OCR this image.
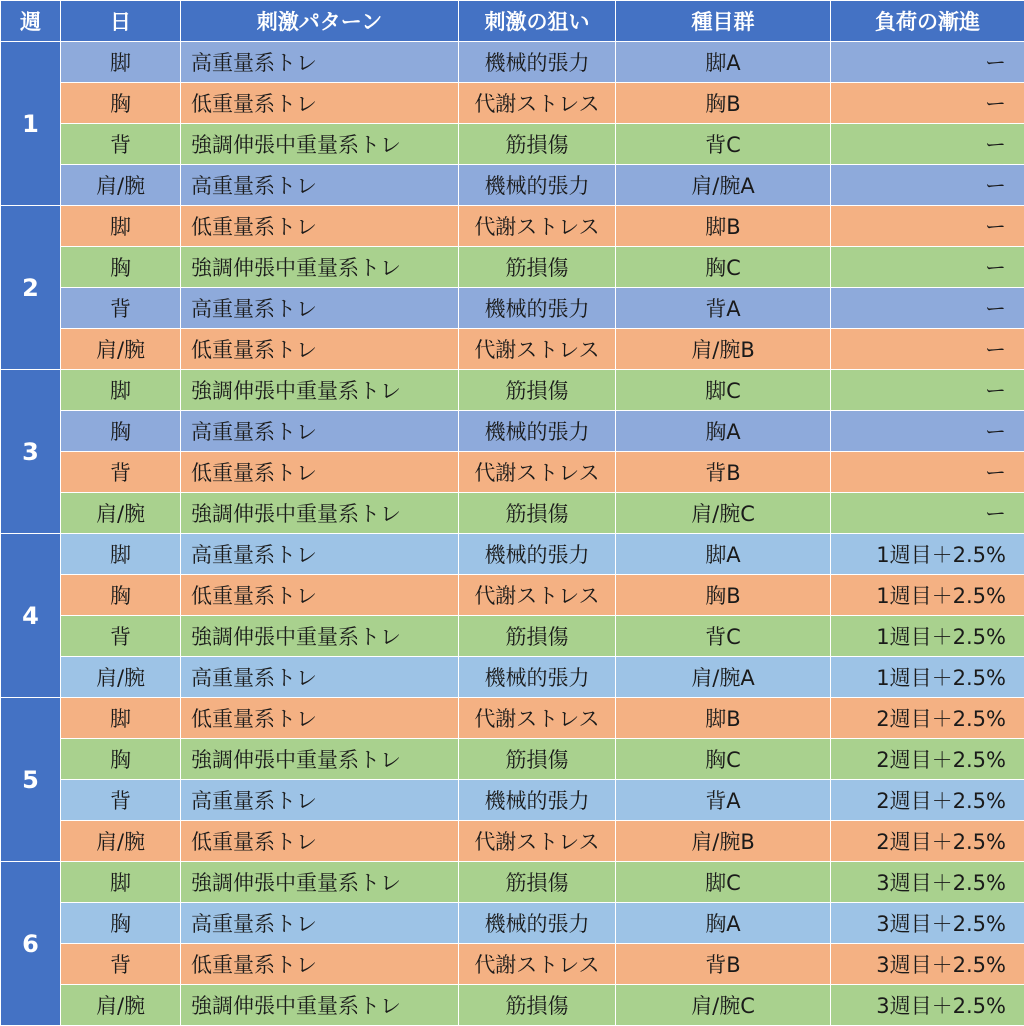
週	日	刺激パターン	刺激の狙い	種目群	負荷の漸進
1	脚	高重量系トレ	機械的張力	脚A	ー
	胸	低重量系トレ	代謝ストレス	胸B	ー
	背	強調伸張中重量系トレ	筋損傷	背C	ー
	肩/腕	高重量系トレ	機械的張力	肩/腕A	ー
2	脚	低重量系トレ	代謝ストレス	脚B	ー
	胸	強調伸張中重量系トレ	筋損傷	胸C	ー
	背	高重量系トレ	機械的張力	背A	ー
	肩/腕	低重量系トレ	代謝ストレス	肩/腕B	ー
3	脚	強調伸張中重量系トレ	筋損傷	脚C	ー
	胸	高重量系トレ	機械的張力	胸A	ー
	背	低重量系トレ	代謝ストレス	背B	ー
	肩/腕	強調伸張中重量系トレ	筋損傷	肩/腕C	ー
4	脚	高重量系トレ	機械的張力	脚A	1週目＋2.5%
	胸	低重量系トレ	代謝ストレス	胸B	1週目＋2.5%
	背	強調伸張中重量系トレ	筋損傷	背C	1週目＋2.5%
	肩/腕	高重量系トレ	機械的張力	肩/腕A	1週目＋2.5%
5	脚	低重量系トレ	代謝ストレス	脚B	2週目＋2.5%
	胸	強調伸張中重量系トレ	筋損傷	胸C	2週目＋2.5%
	背	高重量系トレ	機械的張力	背A	2週目＋2.5%
	肩/腕	低重量系トレ	代謝ストレス	肩/腕B	2週目＋2.5%
6	脚	強調伸張中重量系トレ	筋損傷	脚C	3週目＋2.5%
	胸	高重量系トレ	機械的張力	胸A	3週目＋2.5%
	背	低重量系トレ	代謝ストレス	背B	3週目＋2.5%
	肩/腕	強調伸張中重量系トレ	筋損傷	肩/腕C	3週目＋2.5%
